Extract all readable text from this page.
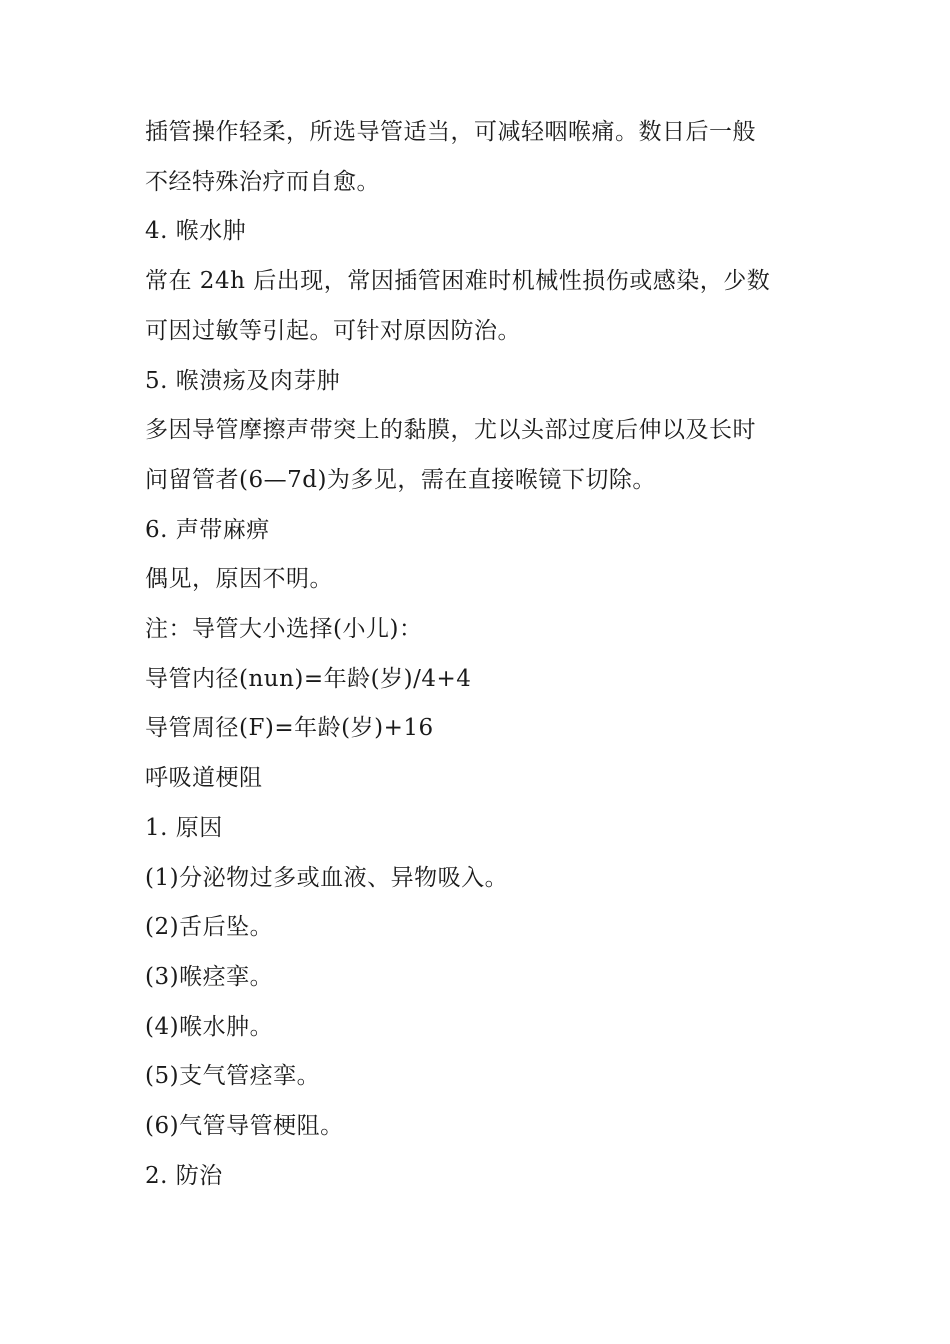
插管操作轻柔，所选导管适当，可减轻咽喉痛。数日后一般

不经特殊治疗而自愈。

4. 喉水肿

常在 24h 后出现，常因插管困难时机械性损伤或感染，少数

可因过敏等引起。可针对原因防治。

5. 喉溃疡及肉芽肿

多因导管摩擦声带突上的黏膜，尤以头部过度后伸以及长时

问留管者(6—7d)为多见，需在直接喉镜下切除。

6. 声带麻痹

偶见，原因不明。

注：导管大小选择(小儿)：

导管内径(nun)=年龄(岁)/4+4

导管周径(F)=年龄(岁)+16

呼吸道梗阻

1. 原因

(1)分泌物过多或血液、异物吸入。

(2)舌后坠。

(3)喉痉挛。

(4)喉水肿。

(5)支气管痉挛。

(6)气管导管梗阻。

2. 防治
